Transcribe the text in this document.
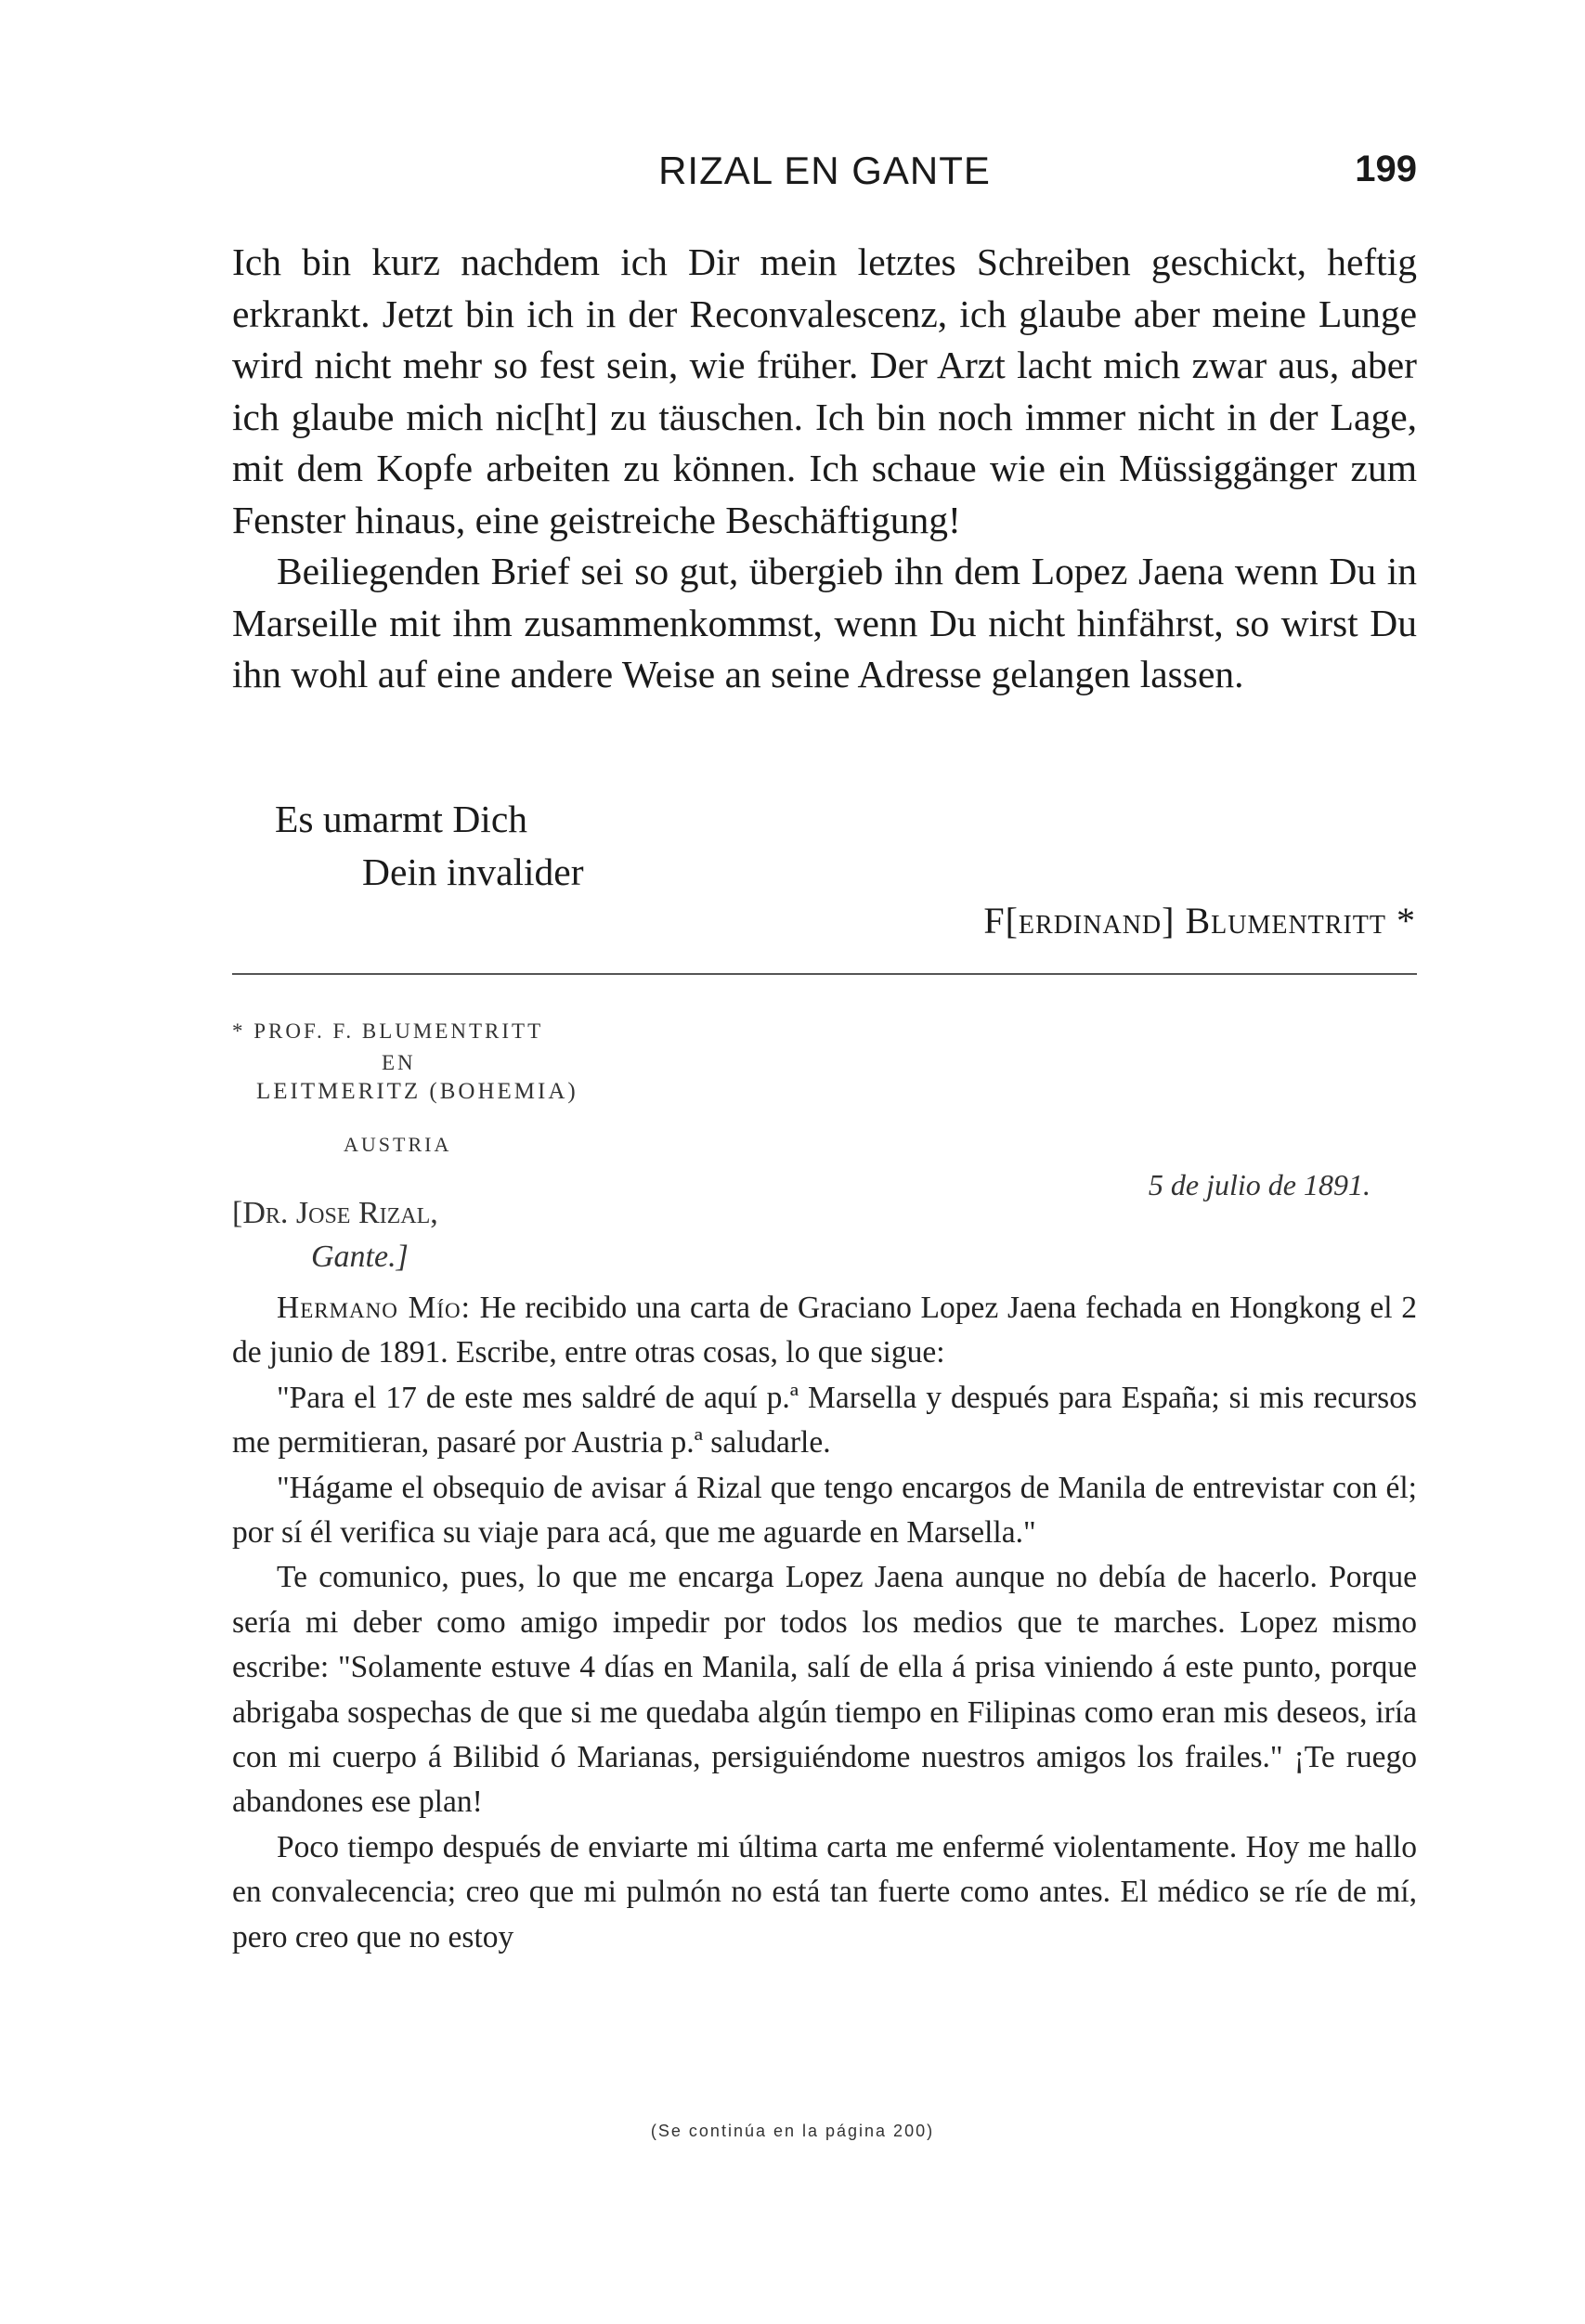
RIZAL EN GANTE	199

Ich bin kurz nachdem ich Dir mein letztes Schreiben geschickt, heftig erkrankt. Jetzt bin ich in der Reconvalescenz, ich glaube aber meine Lunge wird nicht mehr so fest sein, wie früher. Der Arzt lacht mich zwar aus, aber ich glaube mich nic[ht] zu täuschen. Ich bin noch immer nicht in der Lage, mit dem Kopfe arbeiten zu können. Ich schaue wie ein Müssiggänger zum Fenster hinaus, eine geistreiche Beschäftigung!

Beiliegenden Brief sei so gut, übergieb ihn dem Lopez Jaena wenn Du in Marseille mit ihm zusammenkommst, wenn Du nicht hinfährst, so wirst Du ihn wohl auf eine andere Weise an seine Adresse gelangen lassen.

Es umarmt Dich
Dein invalider
F[erdinand] Blumentritt *
* PROF. F. BLUMENTRITT
EN
LEITMERITZ (BOHEMIA)
AUSTRIA
5 de julio de 1891.
[Dr. Jose Rizal,
Gante.]

Hermano Mío: He recibido una carta de Graciano Lopez Jaena fechada en Hongkong el 2 de junio de 1891. Escribe, entre otras cosas, lo que sigue:

"Para el 17 de este mes saldré de aquí p.ª Marsella y después para España; si mis recursos me permitieran, pasaré por Austria p.ª saludarle.

"Hágame el obsequio de avisar á Rizal que tengo encargos de Manila de entrevistar con él; por sí él verifica su viaje para acá, que me aguarde en Marsella."

Te comunico, pues, lo que me encarga Lopez Jaena aunque no debía de hacerlo. Porque sería mi deber como amigo impedir por todos los medios que te marches. Lopez mismo escribe: "Solamente estuve 4 días en Manila, salí de ella á prisa viniendo á este punto, porque abrigaba sospechas de que si me quedaba algún tiempo en Filipinas como eran mis deseos, iría con mi cuerpo á Bilibid ó Marianas, persiguiéndome nuestros amigos los frailes." ¡Te ruego abandones ese plan!

Poco tiempo después de enviarte mi última carta me enfermé violentamente. Hoy me hallo en convalecencia; creo que mi pulmón no está tan fuerte como antes. El médico se ríe de mí, pero creo que no estoy

(Se continúa en la página 200)
